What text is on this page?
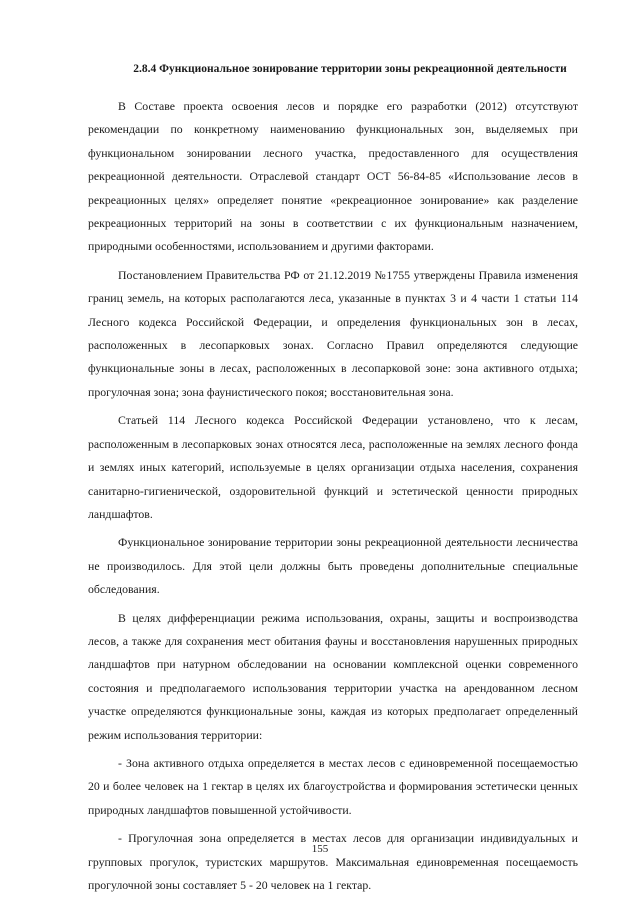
2.8.4 Функциональное зонирование территории зоны рекреационной деятельности

В Составе проекта освоения лесов и порядке его разработки (2012) отсутствуют рекомендации по конкретному наименованию функциональных зон, выделяемых при функциональном зонировании лесного участка, предоставленного для осуществления рекреационной деятельности. Отраслевой стандарт ОСТ 56-84-85 «Использование лесов в рекреационных целях» определяет понятие «рекреационное зонирование» как разделение рекреационных территорий на зоны в соответствии с их функциональным назначением, природными особенностями, использованием и другими факторами.

Постановлением Правительства РФ от 21.12.2019 №1755 утверждены Правила изменения границ земель, на которых располагаются леса, указанные в пунктах 3 и 4 части 1 статьи 114 Лесного кодекса Российской Федерации, и определения функциональных зон в лесах, расположенных в лесопарковых зонах. Согласно Правил определяются следующие функциональные зоны в лесах, расположенных в лесопарковой зоне: зона активного отдыха; прогулочная зона; зона фаунистического покоя; восстановительная зона.

Статьей 114 Лесного кодекса Российской Федерации установлено, что к лесам, расположенным в лесопарковых зонах относятся леса, расположенные на землях лесного фонда и землях иных категорий, используемые в целях организации отдыха населения, сохранения санитарно-гигиенической, оздоровительной функций и эстетической ценности природных ландшафтов.

Функциональное зонирование территории зоны рекреационной деятельности лесничества не производилось. Для этой цели должны быть проведены дополнительные специальные обследования.

В целях дифференциации режима использования, охраны, защиты и воспроизводства лесов, а также для сохранения мест обитания фауны и восстановления нарушенных природных ландшафтов при натурном обследовании на основании комплексной оценки современного состояния и предполагаемого использования территории участка на арендованном лесном участке определяются функциональные зоны, каждая из которых предполагает определенный режим использования территории:

- Зона активного отдыха определяется в местах лесов с единовременной посещаемостью 20 и более человек на 1 гектар в целях их благоустройства и формирования эстетически ценных природных ландшафтов повышенной устойчивости.

- Прогулочная зона определяется в местах лесов для организации индивидуальных и групповых прогулок, туристских маршрутов. Максимальная единовременная посещаемость прогулочной зоны составляет 5 - 20 человек на 1 гектар.

155
